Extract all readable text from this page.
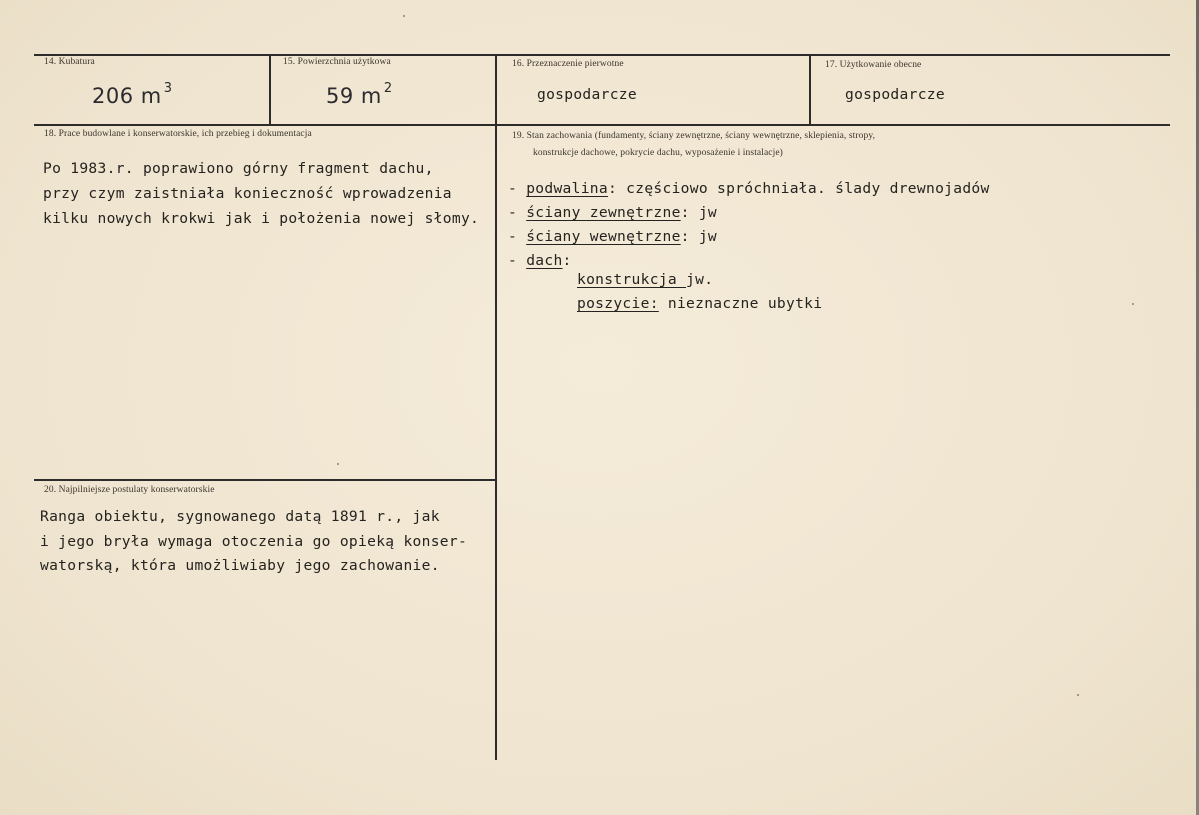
14. Kubatura
206 m $^3$
15. Powierzchnia użytkowa
59 m $^2$
16. Przeznaczenie pierwotne
gospodarcze
17. Użytkowanie obecne
gospodarcze
18. Prace budowlane i konserwatorskie, ich przebieg i dokumentacja
Po 1983.r. poprawiono górny fragment dachu,
przy czym zaistniała konieczność wprowadzenia
kilku nowych krokwi jak i położenia nowej słomy.
19. Stan zachowania (fundamenty, ściany zewnętrzne, ściany wewnętrzne, sklepienia, stropy,
konstrukcje dachowe, pokrycie dachu, wyposażenie i instalacje)
- podwalina: częściowo spróchniała. ślady drewnojadów
- ściany zewnętrzne: jw
- ściany wewnętrzne: jw
- dach:
konstrukcja jw.
poszycie: nieznaczne ubytki
20. Najpilniejsze postulaty konserwatorskie
Ranga obiektu, sygnowanego datą 1891 r., jak
i jego bryła wymaga otoczenia go opieką konser-
watorską, która umożliwiaby jego zachowanie.
